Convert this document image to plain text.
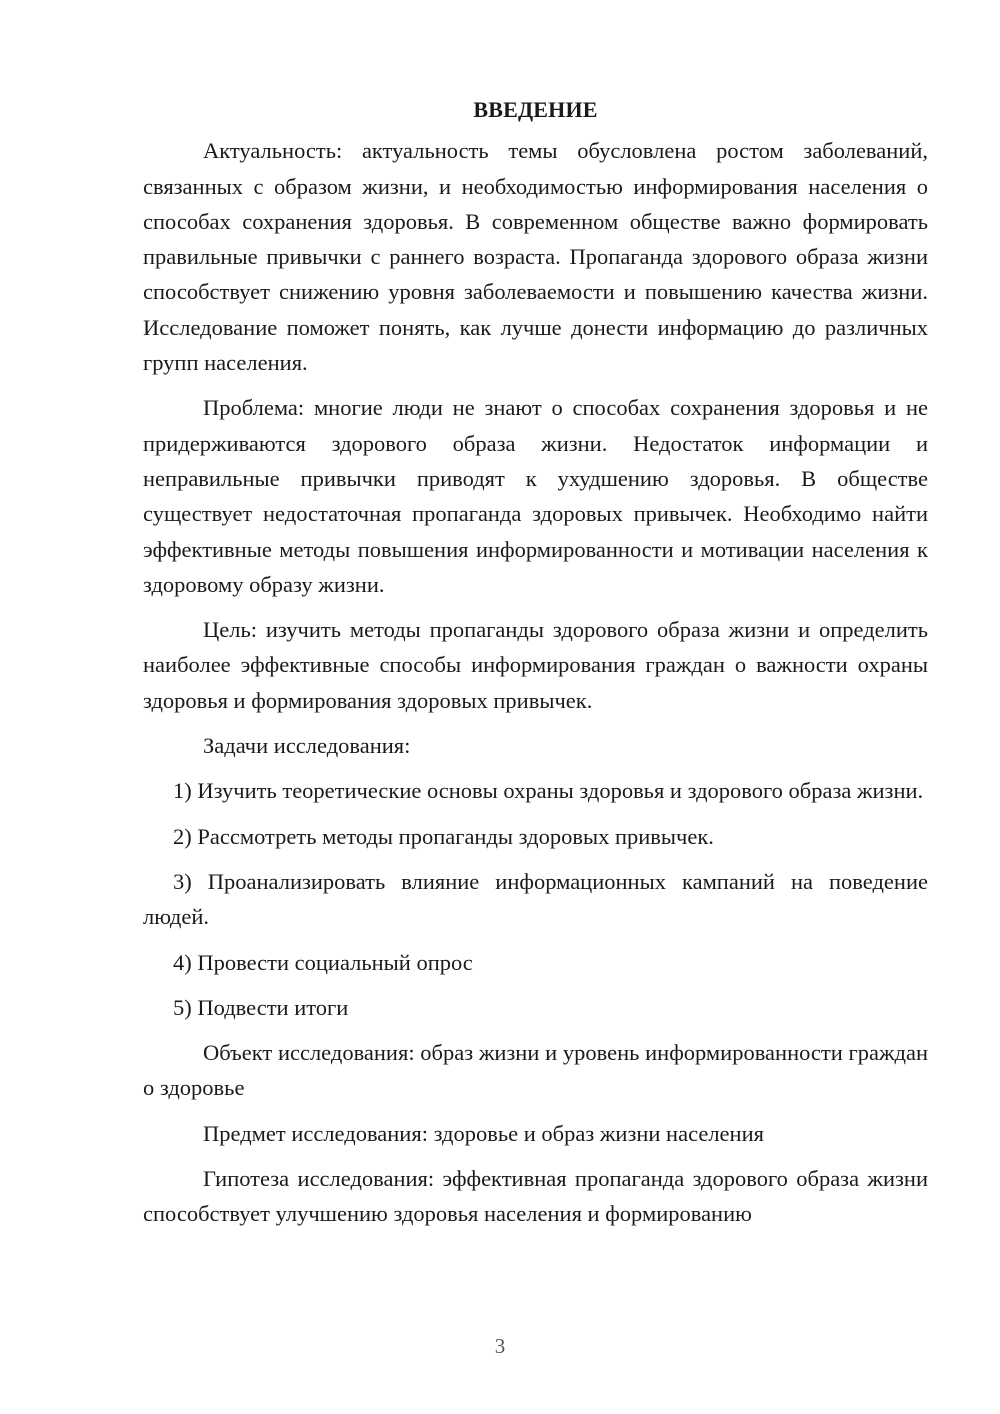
ВВЕДЕНИЕ

Актуальность: актуальность темы обусловлена ростом заболеваний, связанных с образом жизни, и необходимостью информирования населения о способах сохранения здоровья. В современном обществе важно формировать правильные привычки с раннего возраста. Пропаганда здорового образа жизни способствует снижению уровня заболеваемости и повышению качества жизни. Исследование поможет понять, как лучше донести информацию до различных групп населения.

Проблема: многие люди не знают о способах сохранения здоровья и не придерживаются здорового образа жизни. Недостаток информации и неправильные привычки приводят к ухудшению здоровья. В обществе существует недостаточная пропаганда здоровых привычек. Необходимо найти эффективные методы повышения информированности и мотивации населения к здоровому образу жизни.

Цель: изучить методы пропаганды здорового образа жизни и определить наиболее эффективные способы информирования граждан о важности охраны здоровья и формирования здоровых привычек.

Задачи исследования:

1) Изучить теоретические основы охраны здоровья и здорового образа жизни.

2) Рассмотреть методы пропаганды здоровых привычек.

3) Проанализировать влияние информационных кампаний на поведение людей.

4) Провести социальный опрос

5) Подвести итоги

Объект исследования: образ жизни и уровень информированности граждан о здоровье

Предмет исследования: здоровье и образ жизни населения

Гипотеза исследования: эффективная пропаганда здорового образа жизни способствует улучшению здоровья населения и формированию

3
